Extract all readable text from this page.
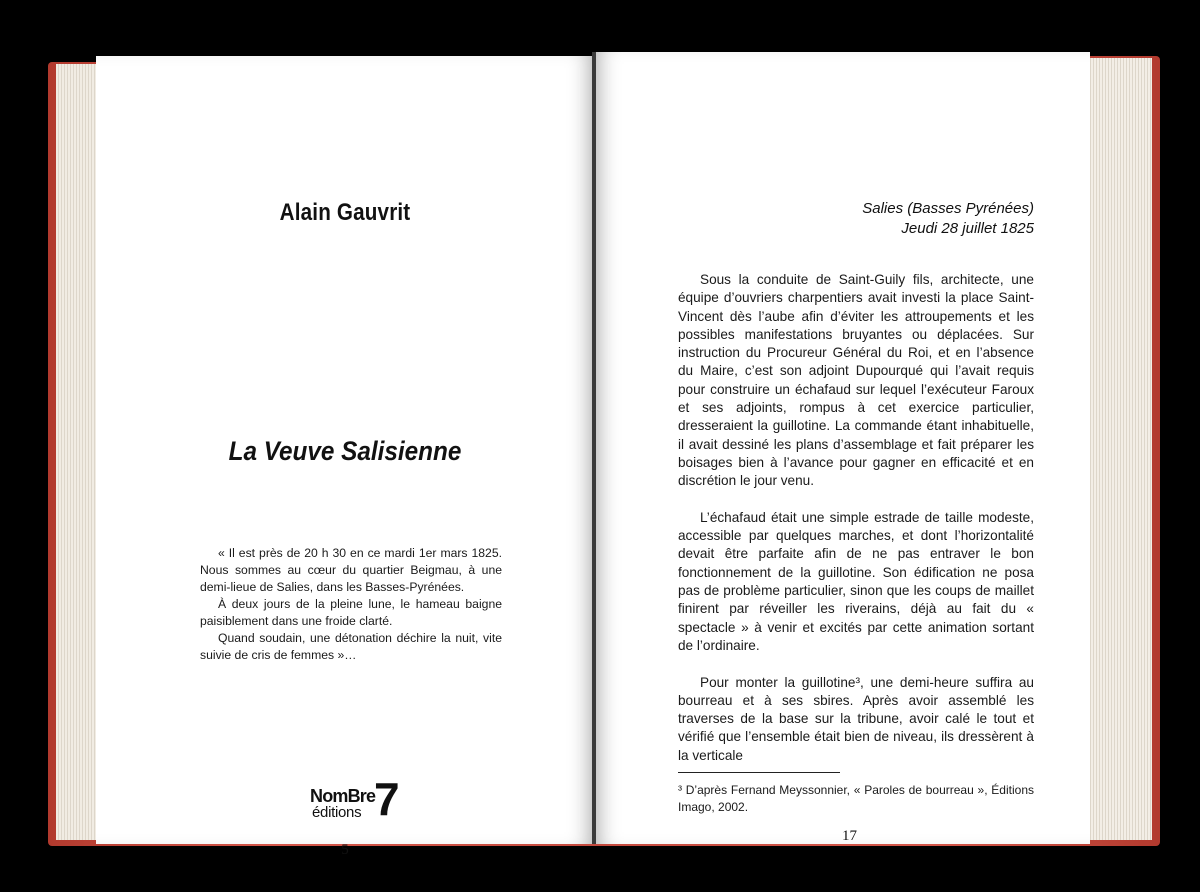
Alain Gauvrit
La Veuve Salisienne

« Il est près de 20 h 30 en ce mardi 1er mars 1825. Nous sommes au cœur du quartier Beigmau, à une demi-lieue de Salies, dans les Basses-Pyrénées.

À deux jours de la pleine lune, le hameau baigne paisiblement dans une froide clarté.

Quand soudain, une détonation déchire la nuit, vite suivie de cris de femmes »…

NomBre
éditions 7
5
Salies (Basses Pyrénées)
Jeudi 28 juillet 1825

Sous la conduite de Saint-Guily fils, architecte, une équipe d’ouvriers charpentiers avait investi la place Saint-Vincent dès l’aube afin d’éviter les attroupements et les possibles manifestations bruyantes ou déplacées. Sur instruction du Procureur Général du Roi, et en l’absence du Maire, c’est son adjoint Dupourqué qui l’avait requis pour construire un échafaud sur lequel l’exécuteur Faroux et ses adjoints, rompus à cet exercice particulier, dresseraient la guillotine. La commande étant inhabituelle, il avait dessiné les plans d’assemblage et fait préparer les boisages bien à l’avance pour gagner en efficacité et en discrétion le jour venu.

L’échafaud était une simple estrade de taille modeste, accessible par quelques marches, et dont l’horizontalité devait être parfaite afin de ne pas entraver le bon fonctionnement de la guillotine. Son édification ne posa pas de problème particulier, sinon que les coups de maillet finirent par réveiller les riverains, déjà au fait du « spectacle » à venir et excités par cette animation sortant de l’ordinaire.

Pour monter la guillotine³, une demi-heure suffira au bourreau et à ses sbires. Après avoir assemblé les traverses de la base sur la tribune, avoir calé le tout et vérifié que l’ensemble était bien de niveau, ils dressèrent à la verticale

³ D’après Fernand Meyssonnier, « Paroles de bourreau », Éditions Imago, 2002.
17
